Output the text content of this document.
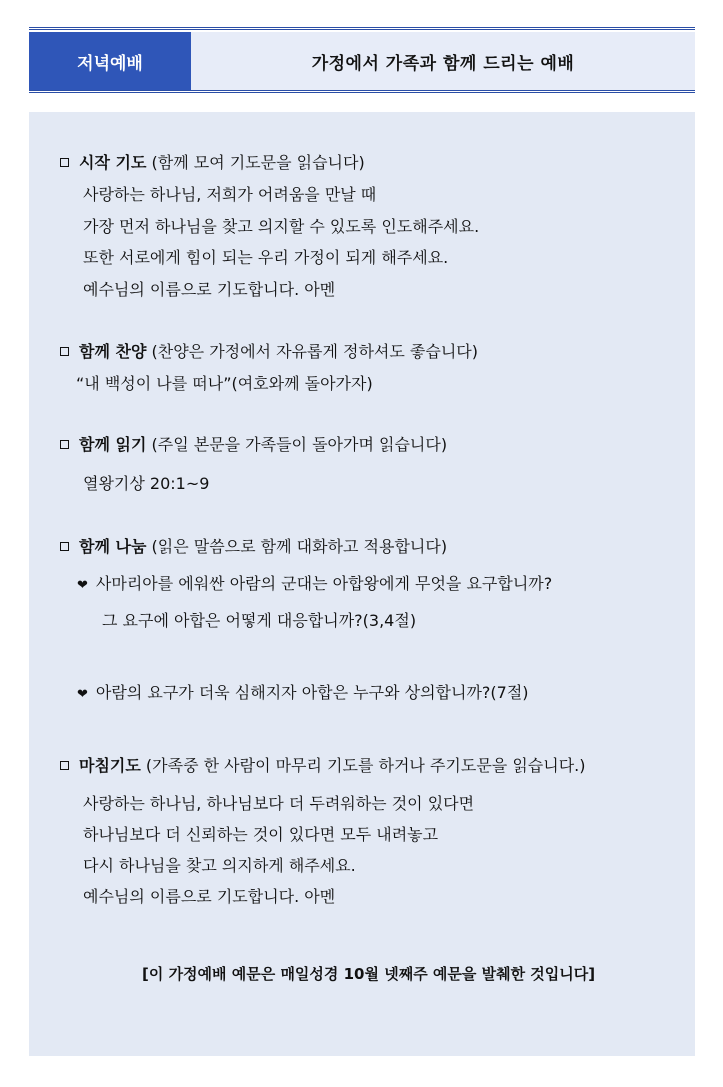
저녁예배	가정에서 가족과 함께 드리는 예배
시작 기도 (함께 모여 기도문을 읽습니다)
사랑하는 하나님, 저희가 어려움을 만날 때
가장 먼저 하나님을 찾고 의지할 수 있도록 인도해주세요.
또한 서로에게 힘이 되는 우리 가정이 되게 해주세요.
예수님의 이름으로 기도합니다. 아멘
함께 찬양 (찬양은 가정에서 자유롭게 정하셔도 좋습니다)
“내 백성이 나를 떠나”(여호와께 돌아가자)
함께 읽기 (주일 본문을 가족들이 돌아가며 읽습니다)
열왕기상 20:1~9
함께 나눔 (읽은 말씀으로 함께 대화하고 적용합니다)
❤ 사마리아를 에워싼 아람의 군대는 아합왕에게 무엇을 요구합니까?
그 요구에 아합은 어떻게 대응합니까?(3,4절)
❤ 아람의 요구가 더욱 심해지자 아합은 누구와 상의합니까?(7절)
마침기도 (가족중 한 사람이 마무리 기도를 하거나 주기도문을 읽습니다.)
사랑하는 하나님, 하나님보다 더 두려워하는 것이 있다면
하나님보다 더 신뢰하는 것이 있다면 모두 내려놓고
다시 하나님을 찾고 의지하게 해주세요.
예수님의 이름으로 기도합니다. 아멘
[이 가정예배 예문은 매일성경 10월 넷째주 예문을 발췌한 것입니다]
